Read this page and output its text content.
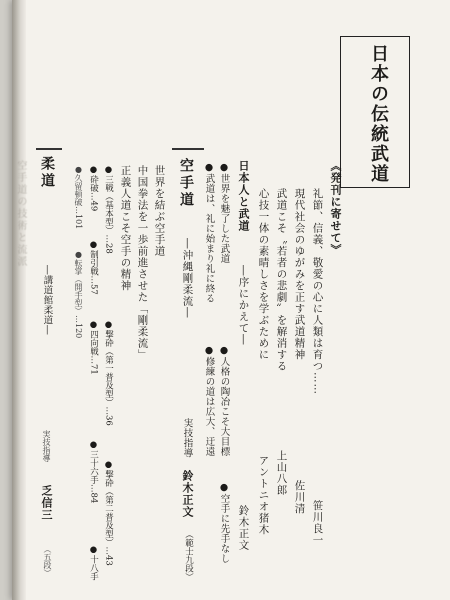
空手道の技術と流派
日本の伝統武道
《発刊に寄せて》
礼節、信義、敬愛の心に人類は育つ……
笹川良一
現代社会のゆがみを正す武道精神
佐川清
武道こそ〝若者の悲劇〟を解消する
上山八郎
心技一体の素晴しさを学ぶために
アントニオ猪木
日本人と武道
―序にかえて―
鈴木正文
●世界を魅了した武道
●武道は、礼に始まり礼に終る
●人格の陶冶こそ大目標
●修練の道は広大、迂遠
●空手に先手なし
空手道
―沖縄剛柔流―
実技指導
鈴木正文
（範士九段）
世界を結ぶ空手道
中国拳法を一歩前進させた「剛柔流」
正義人道こそ空手の精神
●三戦（基本型）…28
●撃砕（第一普及型）…36
●撃砕（第二普及型）…43
●砕破…49
●制引戦…57
●四向戦…71
●三十六手…84
●十八手
●久留頓破…101
●転掌（開手型）…120
柔道
―講道館柔道―
実技指導
乏信三
（五段）
